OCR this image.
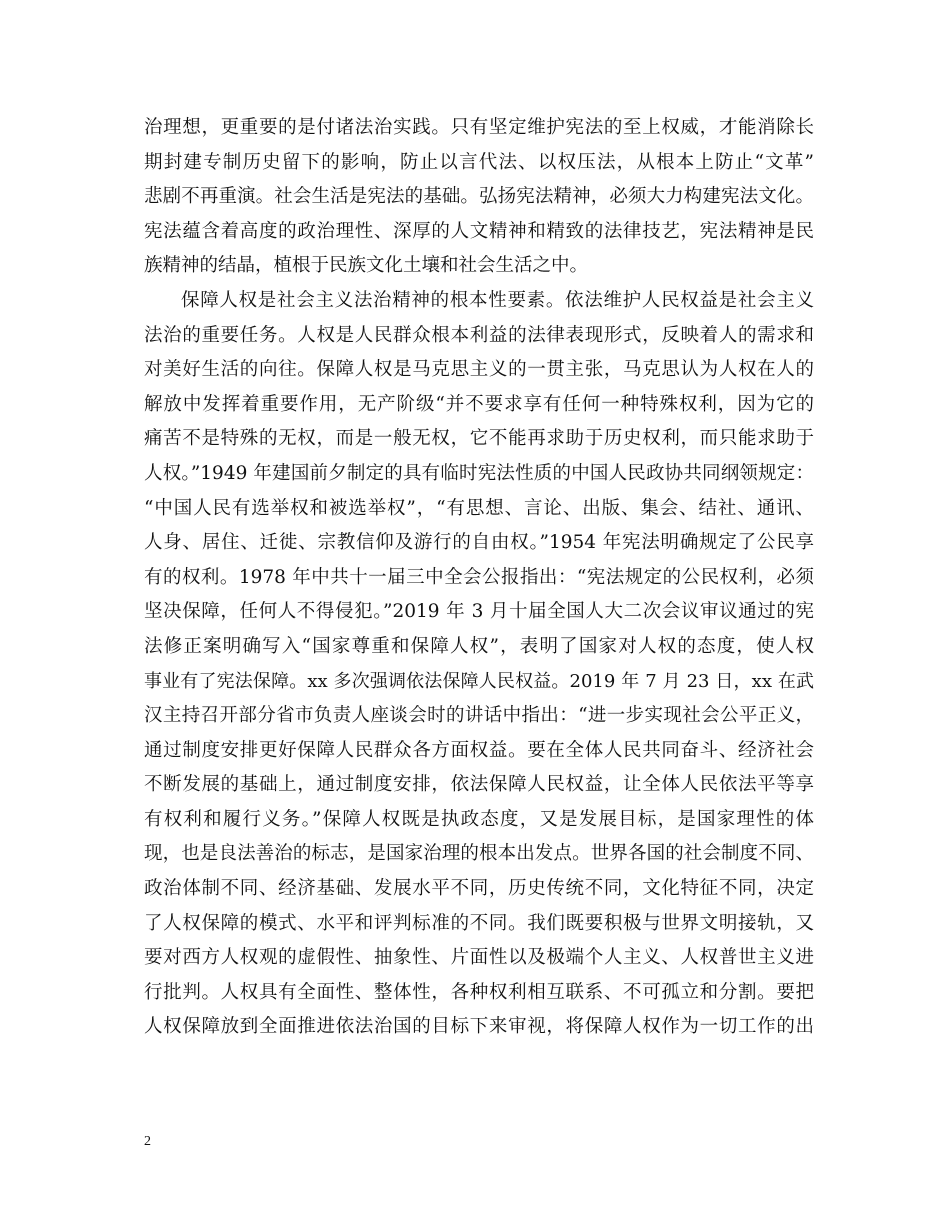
治理想，更重要的是付诸法治实践。只有坚定维护宪法的至上权威，才能消除长
期封建专制历史留下的影响，防止以言代法、以权压法，从根本上防止“文革”
悲剧不再重演。社会生活是宪法的基础。弘扬宪法精神，必须大力构建宪法文化。
宪法蕴含着高度的政治理性、深厚的人文精神和精致的法律技艺，宪法精神是民
族精神的结晶，植根于民族文化土壤和社会生活之中。
保障人权是社会主义法治精神的根本性要素。依法维护人民权益是社会主义
法治的重要任务。人权是人民群众根本利益的法律表现形式，反映着人的需求和
对美好生活的向往。保障人权是马克思主义的一贯主张，马克思认为人权在人的
解放中发挥着重要作用，无产阶级“并不要求享有任何一种特殊权利，因为它的
痛苦不是特殊的无权，而是一般无权，它不能再求助于历史权利，而只能求助于
人权。”1949 年建国前夕制定的具有临时宪法性质的中国人民政协共同纲领规定：
“中国人民有选举权和被选举权”，“有思想、言论、出版、集会、结社、通讯、
人身、居住、迁徙、宗教信仰及游行的自由权。”1954 年宪法明确规定了公民享
有的权利。1978 年中共十一届三中全会公报指出：“宪法规定的公民权利，必须
坚决保障，任何人不得侵犯。”2019 年 3 月十届全国人大二次会议审议通过的宪
法修正案明确写入“国家尊重和保障人权”，表明了国家对人权的态度，使人权
事业有了宪法保障。xx 多次强调依法保障人民权益。2019 年 7 月 23 日，xx 在武
汉主持召开部分省市负责人座谈会时的讲话中指出：“进一步实现社会公平正义，
通过制度安排更好保障人民群众各方面权益。要在全体人民共同奋斗、经济社会
不断发展的基础上，通过制度安排，依法保障人民权益，让全体人民依法平等享
有权利和履行义务。”保障人权既是执政态度，又是发展目标，是国家理性的体
现，也是良法善治的标志，是国家治理的根本出发点。世界各国的社会制度不同、
政治体制不同、经济基础、发展水平不同，历史传统不同，文化特征不同，决定
了人权保障的模式、水平和评判标准的不同。我们既要积极与世界文明接轨，又
要对西方人权观的虚假性、抽象性、片面性以及极端个人主义、人权普世主义进
行批判。人权具有全面性、整体性，各种权利相互联系、不可孤立和分割。要把
人权保障放到全面推进依法治国的目标下来审视，将保障人权作为一切工作的出
2
